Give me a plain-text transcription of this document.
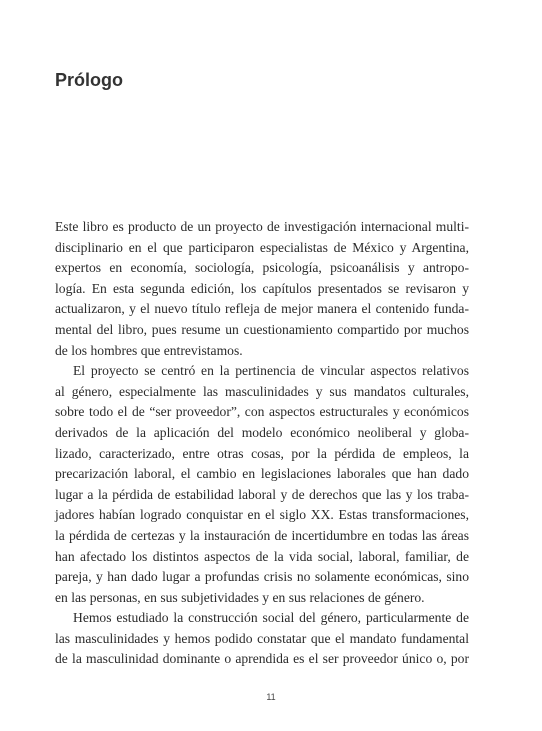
Prólogo
Este libro es producto de un proyecto de investigación internacional multi-
disciplinario en el que participaron especialistas de México y Argentina,
expertos en economía, sociología, psicología, psicoanálisis y antropo-
logía. En esta segunda edición, los capítulos presentados se revisaron y
actualizaron, y el nuevo título refleja de mejor manera el contenido funda-
mental del libro, pues resume un cuestionamiento compartido por muchos
de los hombres que entrevistamos.
El proyecto se centró en la pertinencia de vincular aspectos relativos
al género, especialmente las masculinidades y sus mandatos culturales,
sobre todo el de “ser proveedor”, con aspectos estructurales y económicos
derivados de la aplicación del modelo económico neoliberal y globa-
lizado, caracterizado, entre otras cosas, por la pérdida de empleos, la
precarización laboral, el cambio en legislaciones laborales que han dado
lugar a la pérdida de estabilidad laboral y de derechos que las y los traba-
jadores habían logrado conquistar en el siglo XX. Estas transformaciones,
la pérdida de certezas y la instauración de incertidumbre en todas las áreas
han afectado los distintos aspectos de la vida social, laboral, familiar, de
pareja, y han dado lugar a profundas crisis no solamente económicas, sino
en las personas, en sus subjetividades y en sus relaciones de género.
Hemos estudiado la construcción social del género, particularmente de
las masculinidades y hemos podido constatar que el mandato fundamental
de la masculinidad dominante o aprendida es el ser proveedor único o, por
11
